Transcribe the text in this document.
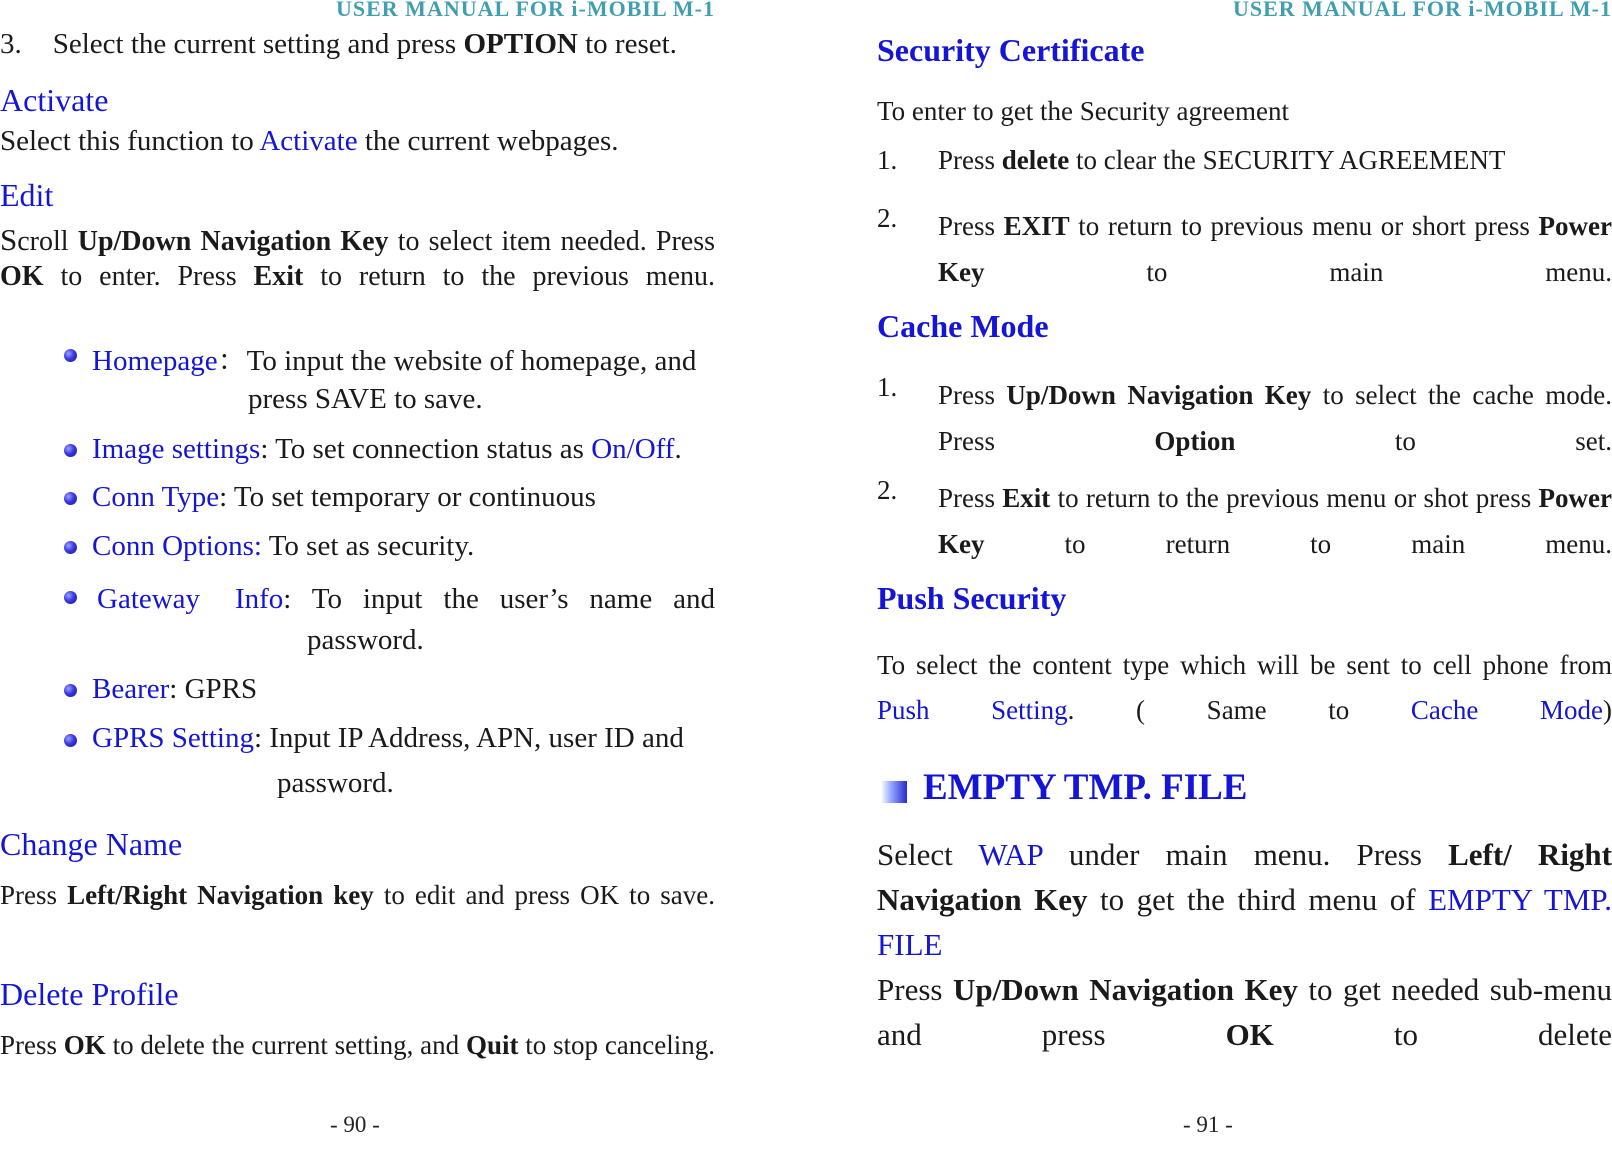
USER MANUAL FOR i-MOBIL M-1
3. Select the current setting and press OPTION to reset.
Activate
Select this function to Activate the current webpages.
Edit
Scroll Up/Down Navigation Key to select item needed. Press OK to enter. Press Exit to return to the previous menu.
Homepage：To input the website of homepage, and
press SAVE to save.
Image settings: To set connection status as On/Off.
Conn Type: To set temporary or continuous
Conn Options: To set as security.
Gateway Info: To input the user’s name and
password.
Bearer: GPRS
GPRS Setting: Input IP Address, APN, user ID and
password.
Change Name
Press Left/Right Navigation key to edit and press OK to save.
Delete Profile
Press OK to delete the current setting, and Quit to stop canceling.
- 90 -
USER MANUAL FOR i-MOBIL M-1
Security Certificate
To enter to get the Security agreement
1. Press delete to clear the SECURITY AGREEMENT
2. Press EXIT to return to previous menu or short press Power Key to main menu.
Cache Mode
1. Press Up/Down Navigation Key to select the cache mode. Press Option to set.
2. Press Exit to return to the previous menu or shot press Power Key to return to main menu.
Push Security
To select the content type which will be sent to cell phone from Push Setting. ( Same to Cache Mode)
EMPTY TMP. FILE
Select WAP under main menu. Press Left/ Right Navigation Key to get the third menu of EMPTY TMP. FILE
Press Up/Down Navigation Key to get needed sub-menu and press OK to delete
- 91 -
